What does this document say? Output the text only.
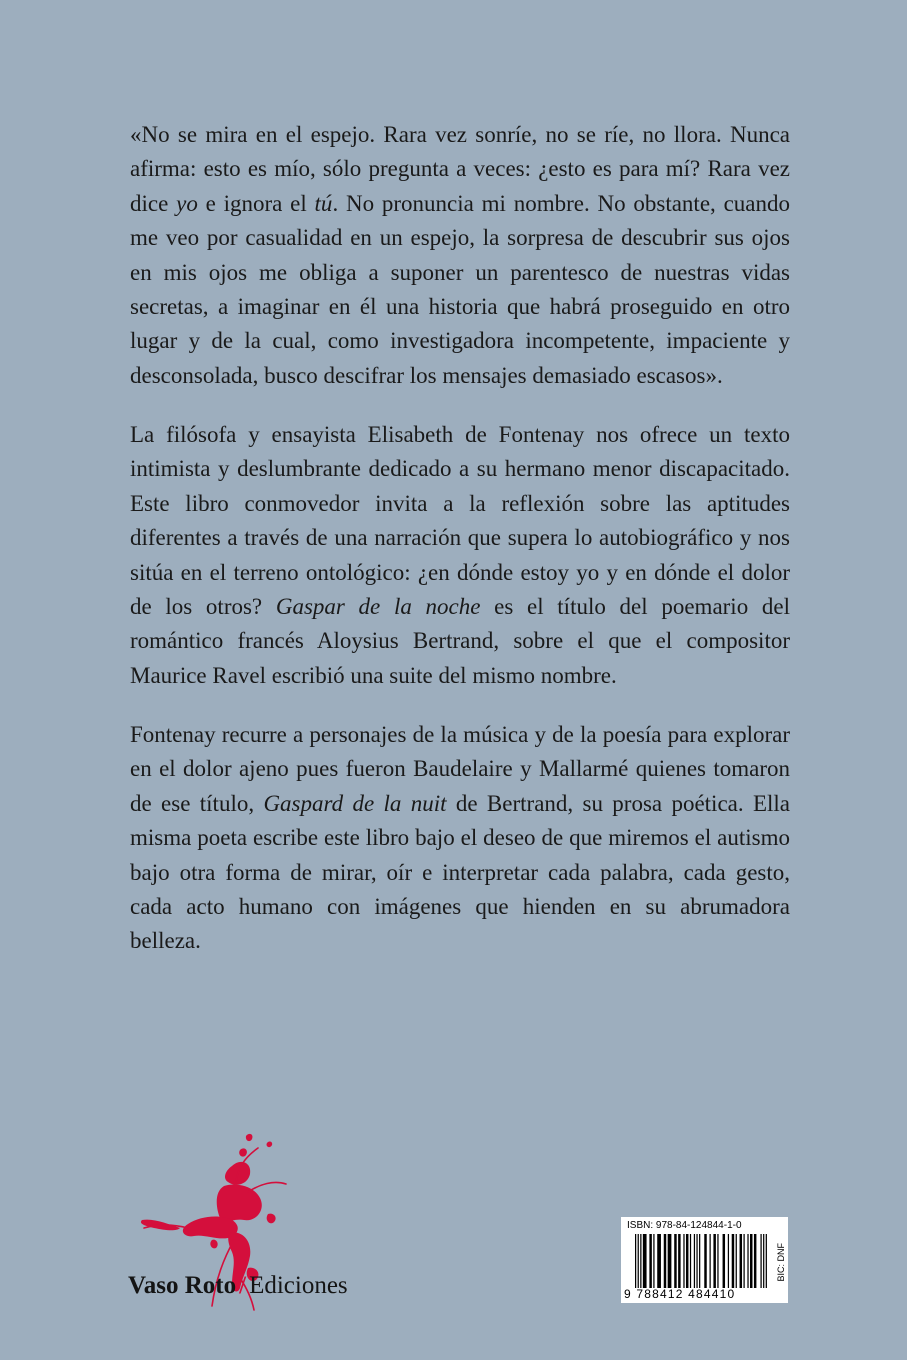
«No se mira en el espejo. Rara vez sonríe, no se ríe, no llora. Nunca afirma: esto es mío, sólo pregunta a veces: ¿esto es para mí? Rara vez dice yo e ignora el tú. No pronuncia mi nombre. No obstante, cuando me veo por casualidad en un espejo, la sorpresa de descubrir sus ojos en mis ojos me obliga a suponer un parentesco de nuestras vidas secretas, a imaginar en él una historia que habrá proseguido en otro lugar y de la cual, como investigadora incompetente, impaciente y desconsolada, busco descifrar los mensajes demasiado escasos».
La filósofa y ensayista Elisabeth de Fontenay nos ofrece un texto intimista y deslumbrante dedicado a su hermano menor discapacitado. Este libro conmovedor invita a la reflexión sobre las aptitudes diferentes a través de una narración que supera lo autobiográfico y nos sitúa en el terreno ontológico: ¿en dónde estoy yo y en dónde el dolor de los otros? Gaspar de la noche es el título del poemario del romántico francés Aloysius Bertrand, sobre el que el compositor Maurice Ravel escribió una suite del mismo nombre.
Fontenay recurre a personajes de la música y de la poesía para explorar en el dolor ajeno pues fueron Baudelaire y Mallarmé quienes tomaron de ese título, Gaspard de la nuit de Bertrand, su prosa poética. Ella misma poeta escribe este libro bajo el deseo de que miremos el autismo bajo otra forma de mirar, oír e interpretar cada palabra, cada gesto, cada acto humano con imágenes que hienden en su abrumadora belleza.
Vaso Roto / Ediciones
ISBN: 978-84-124844-1-0
BIC: DNF
9 788412 484410
